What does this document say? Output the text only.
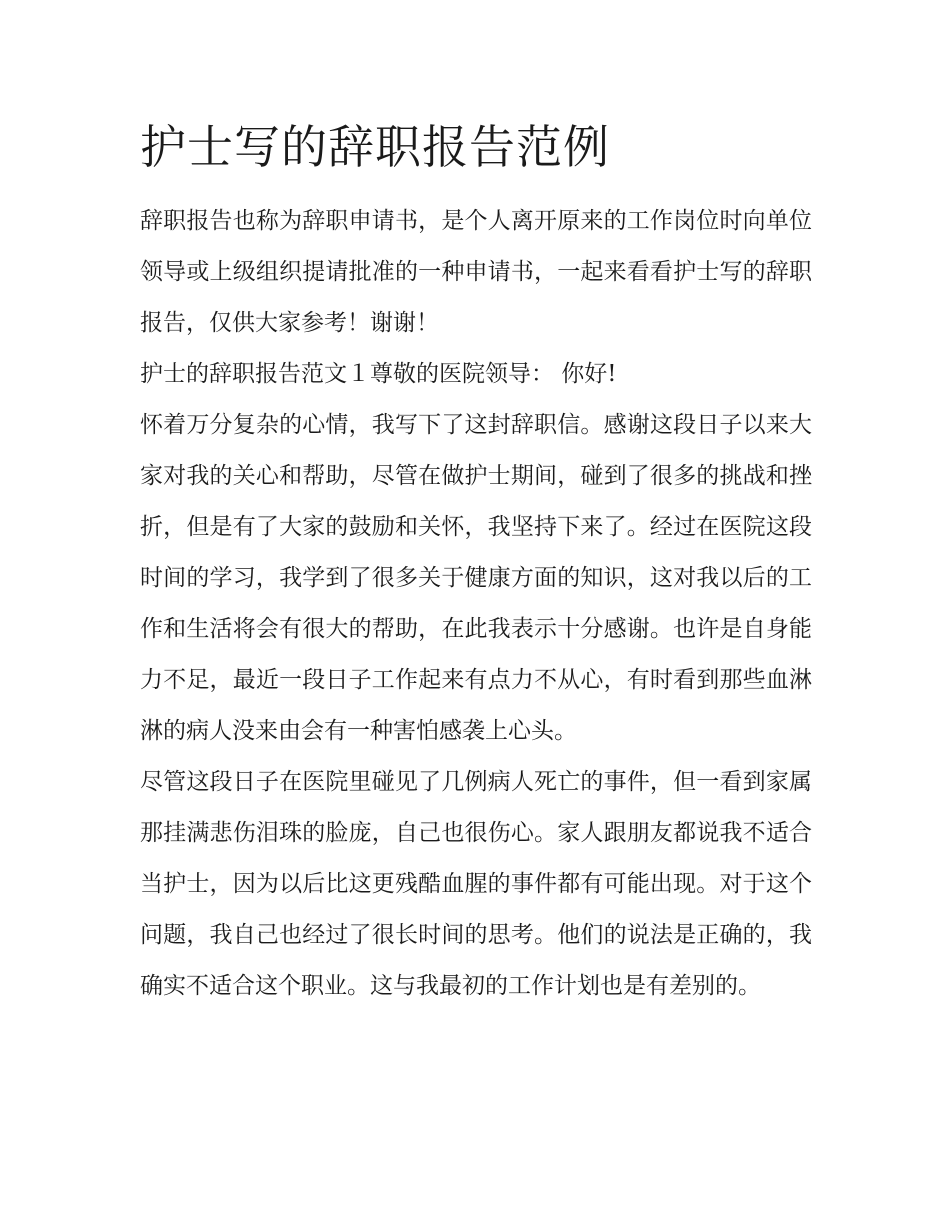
护士写的辞职报告范例

辞职报告也称为辞职申请书，是个人离开原来的工作岗位时向单位领导或上级组织提请批准的一种申请书，一起来看看护士写的辞职报告，仅供大家参考！谢谢！

护士的辞职报告范文１尊敬的医院领导： 你好!

怀着万分复杂的心情，我写下了这封辞职信。感谢这段日子以来大家对我的关心和帮助，尽管在做护士期间，碰到了很多的挑战和挫折，但是有了大家的鼓励和关怀，我坚持下来了。经过在医院这段时间的学习，我学到了很多关于健康方面的知识，这对我以后的工作和生活将会有很大的帮助，在此我表示十分感谢。也许是自身能力不足，最近一段日子工作起来有点力不从心，有时看到那些血淋淋的病人没来由会有一种害怕感袭上心头。

尽管这段日子在医院里碰见了几例病人死亡的事件，但一看到家属那挂满悲伤泪珠的脸庞，自己也很伤心。家人跟朋友都说我不适合当护士，因为以后比这更残酷血腥的事件都有可能出现。对于这个问题，我自己也经过了很长时间的思考。他们的说法是正确的，我确实不适合这个职业。这与我最初的工作计划也是有差别的。
